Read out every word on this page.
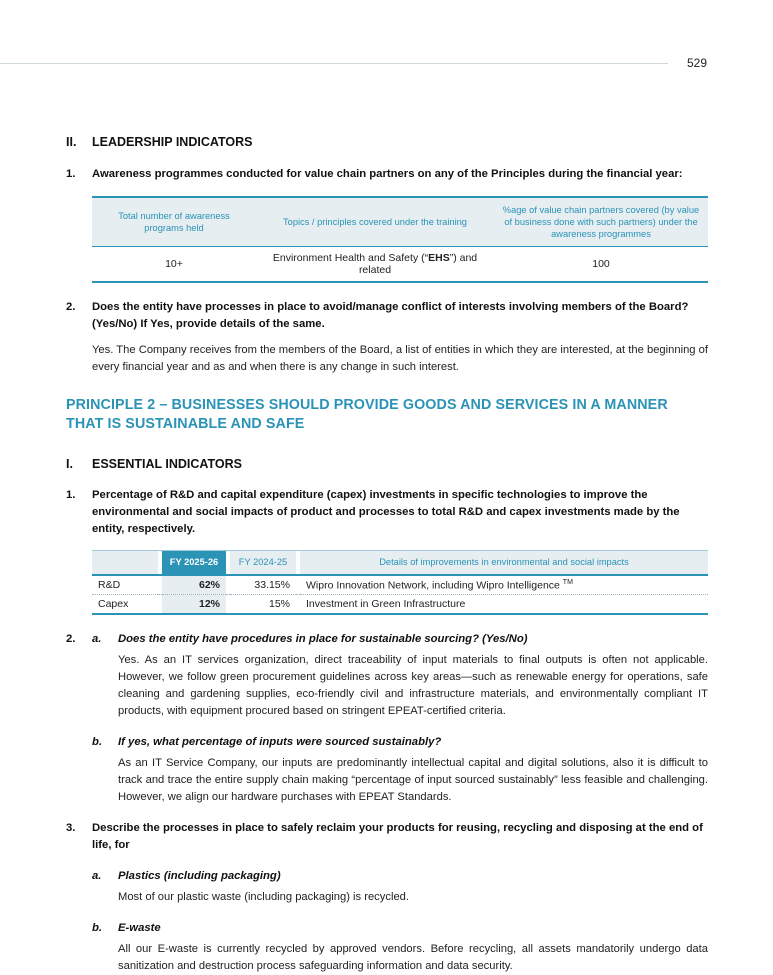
529
II.	LEADERSHIP INDICATORS
1.	Awareness programmes conducted for value chain partners on any of the Principles during the financial year:
Total number of awareness programs held	Topics / principles covered under the training	%age of value chain partners covered (by value of business done with such partners) under the awareness programmes
10+	Environment Health and Safety (“EHS”) and related	100
2.	Does the entity have processes in place to avoid/manage conflict of interests involving members of the Board? (Yes/No) If Yes, provide details of the same.

Yes. The Company receives from the members of the Board, a list of entities in which they are interested, at the beginning of every financial year and as and when there is any change in such interest.

PRINCIPLE 2 – BUSINESSES SHOULD PROVIDE GOODS AND SERVICES IN A MANNER THAT IS SUSTAINABLE AND SAFE
I.	ESSENTIAL INDICATORS
1.	Percentage of R&D and capital expenditure (capex) investments in specific technologies to improve the environmental and social impacts of product and processes to total R&D and capex investments made by the entity, respectively.
		FY 2025-26		FY 2024-25		Details of improvements in environmental and social impacts
R&D		62%		33.15%		Wipro Innovation Network, including Wipro Intelligence ™
Capex		12%		15%		Investment in Green Infrastructure
2.	a.	Does the entity have procedures in place for sustainable sourcing? (Yes/No)

Yes. As an IT services organization, direct traceability of input materials to final outputs is often not applicable. However, we follow green procurement guidelines across key areas—such as renewable energy for operations, safe cleaning and gardening supplies, eco-friendly civil and infrastructure materials, and environmentally compliant IT products, with equipment procured based on stringent EPEAT-certified criteria.

b.	If yes, what percentage of inputs were sourced sustainably?

As an IT Service Company, our inputs are predominantly intellectual capital and digital solutions, also it is difficult to track and trace the entire supply chain making “percentage of input sourced sustainably” less feasible and challenging. However, we align our hardware purchases with EPEAT Standards.

3.	Describe the processes in place to safely reclaim your products for reusing, recycling and disposing at the end of life, for
a.	Plastics (including packaging)

Most of our plastic waste (including packaging) is recycled.

b.	E-waste

All our E-waste is currently recycled by approved vendors. Before recycling, all assets mandatorily undergo data sanitization and destruction process safeguarding information and data security.
